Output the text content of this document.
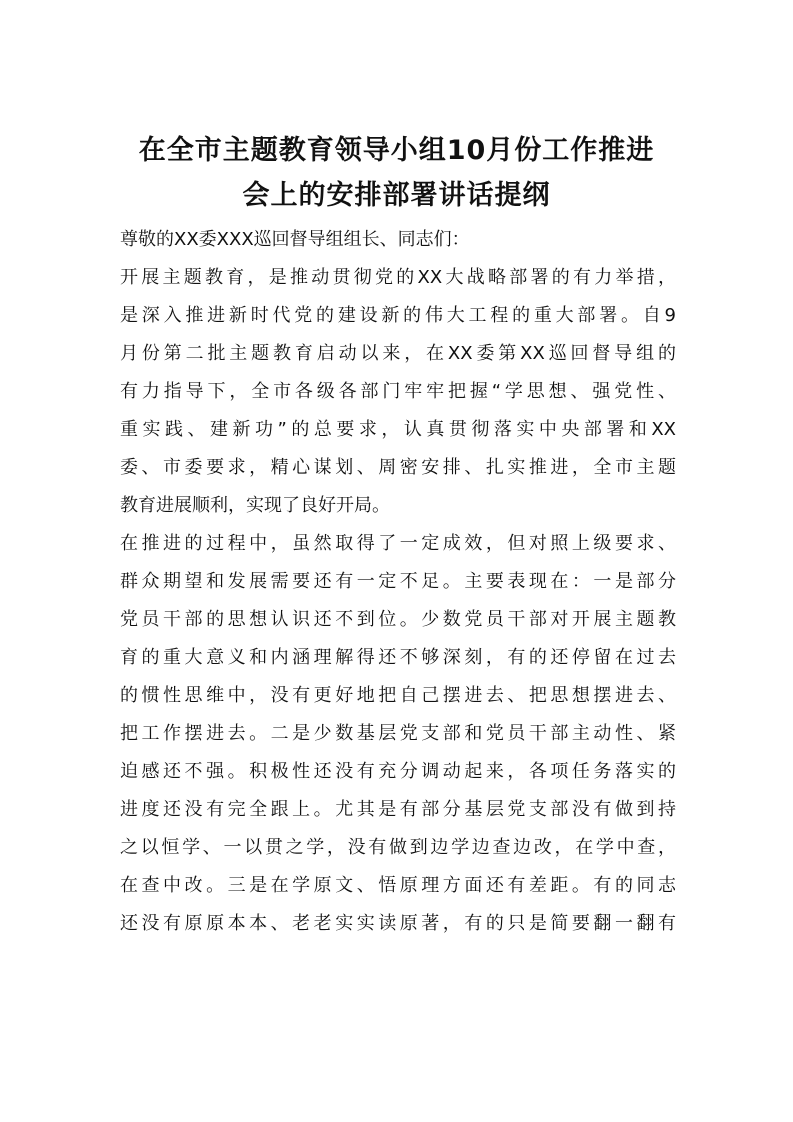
在全市主题教育领导小组10月份工作推进
会上的安排部署讲话提纲

尊敬的XX委XXX巡回督导组组长、同志们：

开展主题教育，是推动贯彻党的XX大战略部署的有力举措，

是深入推进新时代党的建设新的伟大工程的重大部署。自9

月份第二批主题教育启动以来，在XX委第XX巡回督导组的

有力指导下，全市各级各部门牢牢把握“学思想、强党性、

重实践、建新功”的总要求，认真贯彻落实中央部署和XX

委、市委要求，精心谋划、周密安排、扎实推进，全市主题

教育进展顺利，实现了良好开局。

在推进的过程中，虽然取得了一定成效，但对照上级要求、

群众期望和发展需要还有一定不足。主要表现在：一是部分

党员干部的思想认识还不到位。少数党员干部对开展主题教

育的重大意义和内涵理解得还不够深刻，有的还停留在过去

的惯性思维中，没有更好地把自己摆进去、把思想摆进去、

把工作摆进去。二是少数基层党支部和党员干部主动性、紧

迫感还不强。积极性还没有充分调动起来，各项任务落实的

进度还没有完全跟上。尤其是有部分基层党支部没有做到持

之以恒学、一以贯之学，没有做到边学边查边改，在学中查，

在查中改。三是在学原文、悟原理方面还有差距。有的同志

还没有原原本本、老老实实读原著，有的只是简要翻一翻有
